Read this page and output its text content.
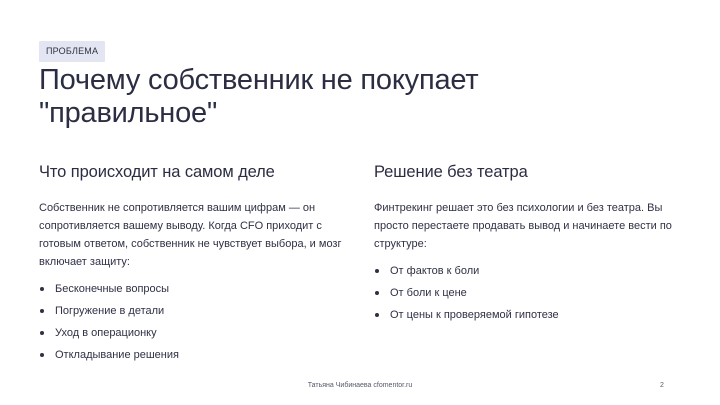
ПРОБЛЕМА
Почему собственник не покупает "правильное"
Что происходит на самом деле

Собственник не сопротивляется вашим цифрам — он сопротивляется вашему выводу. Когда CFO приходит с готовым ответом, собственник не чувствует выбора, и мозг включает защиту:

Бесконечные вопросы
Погружение в детали
Уход в операционку
Откладывание решения
Решение без театра

Финтрекинг решает это без психологии и без театра. Вы просто перестаете продавать вывод и начинаете вести по структуре:

От фактов к боли
От боли к цене
От цены к проверяемой гипотезе
Татьяна Чибинаева cfomentor.ru	2
